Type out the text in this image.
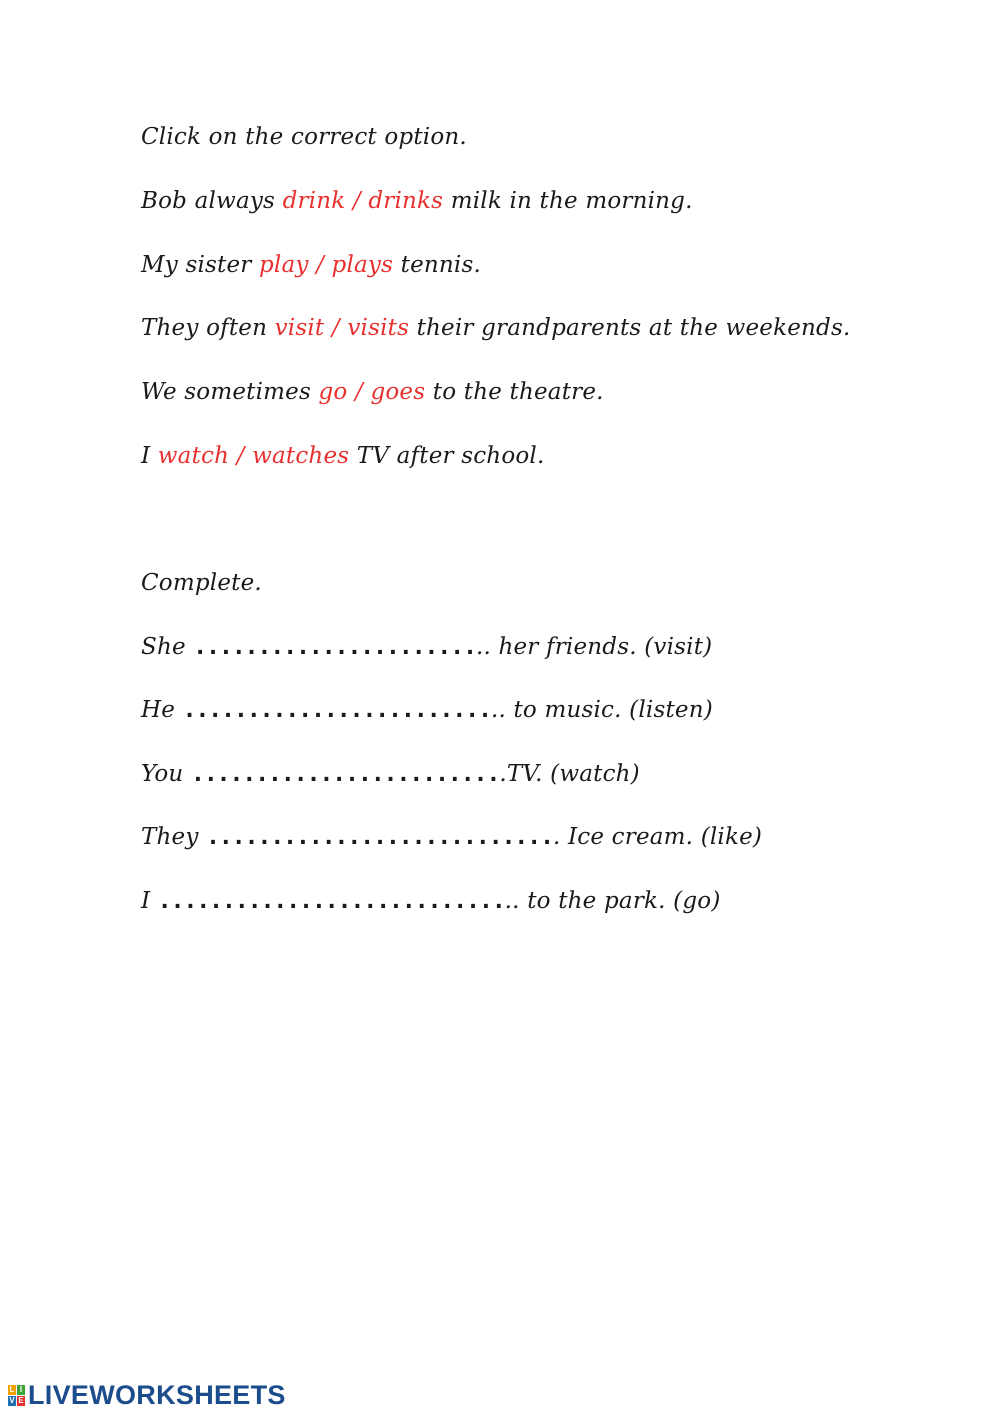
Click on the correct option.
Bob always drink / drinks milk in the morning.
My sister play / plays tennis.
They often visit / visits their grandparents at the weekends.
We sometimes go / goes to the theatre.
I watch / watches TV after school.
Complete.
She ........................ her friends. (visit)
He .......................... to music. (listen)
You .........................TV. (watch)
They ............................ Ice cream. (like)
I ............................. to the park. (go)
L I
V E LIVEWORKSHEETS
